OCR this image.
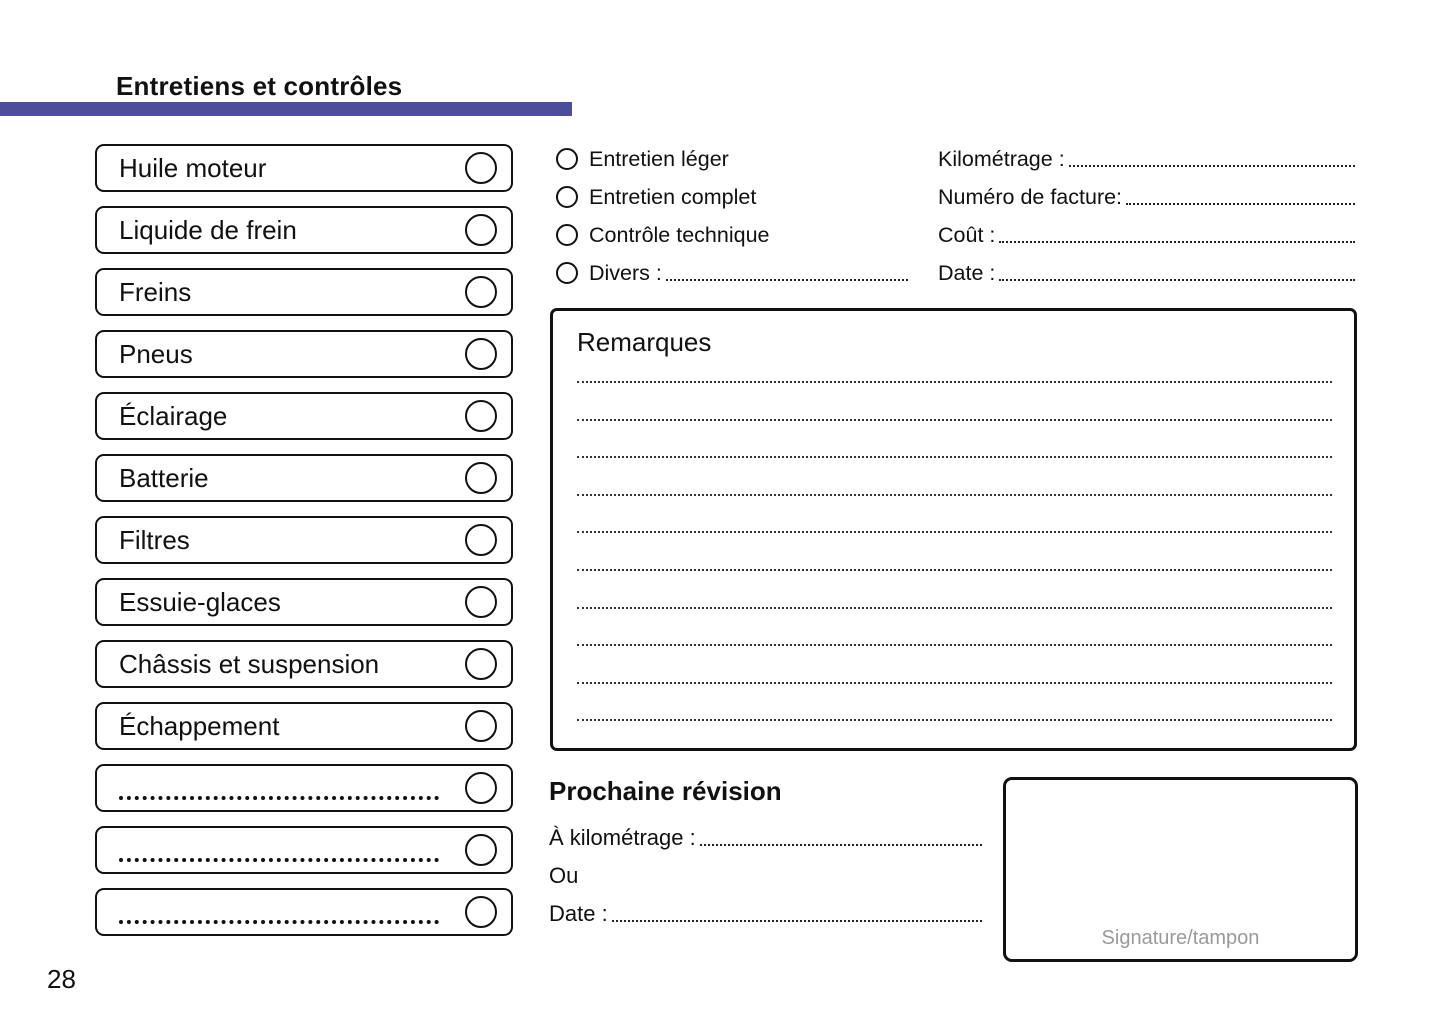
Entretiens et contrôles
Huile moteur
Liquide de frein
Freins
Pneus
Éclairage
Batterie
Filtres
Essuie-glaces
Châssis et suspension
Échappement
Entretien léger
Entretien complet
Contrôle technique
Divers :
Kilométrage :
Numéro de facture:
Coût :
Date :
Remarques
Prochaine révision
À kilométrage :
Ou
Date :
Signature/tampon
28
